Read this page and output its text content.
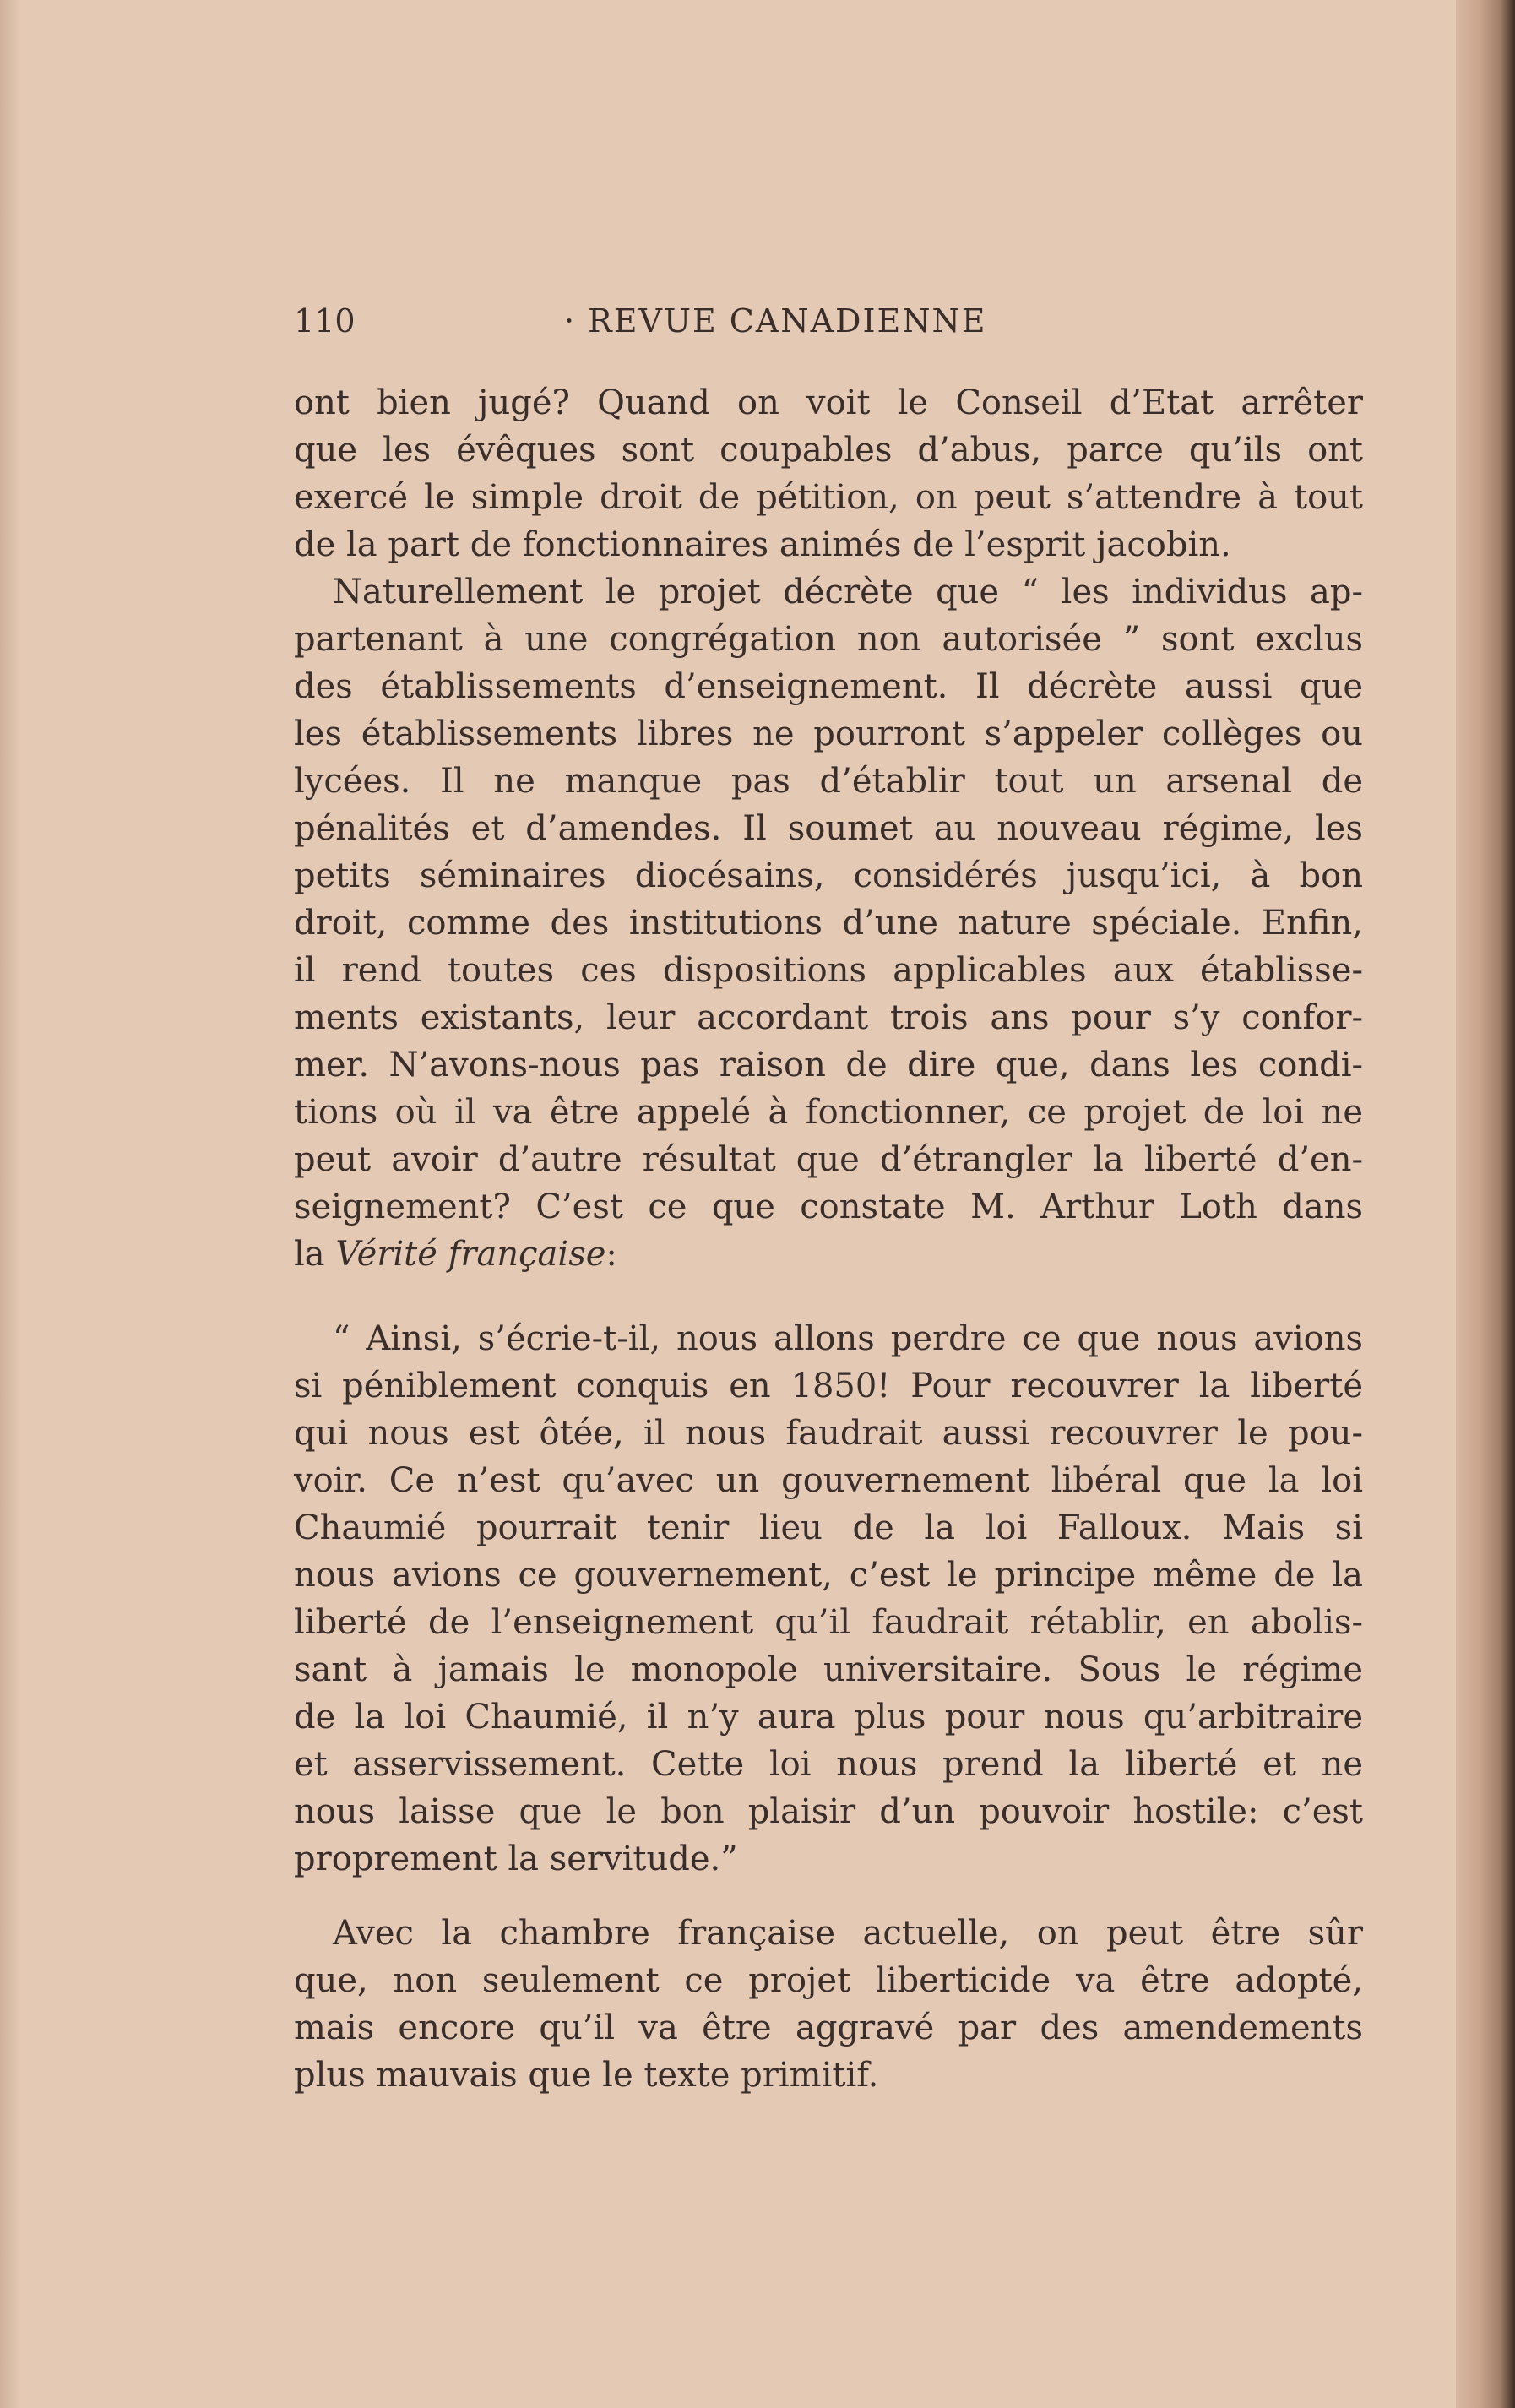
110	· REVUE CANADIENNE
ont bien jugé? Quand on voit le Conseil d’Etat arrêter
que les évêques sont coupables d’abus, parce qu’ils ont
exercé le simple droit de pétition, on peut s’attendre à tout
de la part de fonctionnaires animés de l’esprit jacobin.
Naturellement le projet décrète que “ les individus ap-
partenant à une congrégation non autorisée ” sont exclus
des établissements d’enseignement. Il décrète aussi que
les établissements libres ne pourront s’appeler collèges ou
lycées. Il ne manque pas d’établir tout un arsenal de
pénalités et d’amendes. Il soumet au nouveau régime, les
petits séminaires diocésains, considérés jusqu’ici, à bon
droit, comme des institutions d’une nature spéciale. Enfin,
il rend toutes ces dispositions applicables aux établisse-
ments existants, leur accordant trois ans pour s’y confor-
mer. N’avons-nous pas raison de dire que, dans les condi-
tions où il va être appelé à fonctionner, ce projet de loi ne
peut avoir d’autre résultat que d’étrangler la liberté d’en-
seignement? C’est ce que constate M. Arthur Loth dans
la Vérité française:
“ Ainsi, s’écrie-t-il, nous allons perdre ce que nous avions
si péniblement conquis en 1850! Pour recouvrer la liberté
qui nous est ôtée, il nous faudrait aussi recouvrer le pou-
voir. Ce n’est qu’avec un gouvernement libéral que la loi
Chaumié pourrait tenir lieu de la loi Falloux. Mais si
nous avions ce gouvernement, c’est le principe même de la
liberté de l’enseignement qu’il faudrait rétablir, en abolis-
sant à jamais le monopole universitaire. Sous le régime
de la loi Chaumié, il n’y aura plus pour nous qu’arbitraire
et asservissement. Cette loi nous prend la liberté et ne
nous laisse que le bon plaisir d’un pouvoir hostile: c’est
proprement la servitude.”
Avec la chambre française actuelle, on peut être sûr
que, non seulement ce projet liberticide va être adopté,
mais encore qu’il va être aggravé par des amendements
plus mauvais que le texte primitif.
